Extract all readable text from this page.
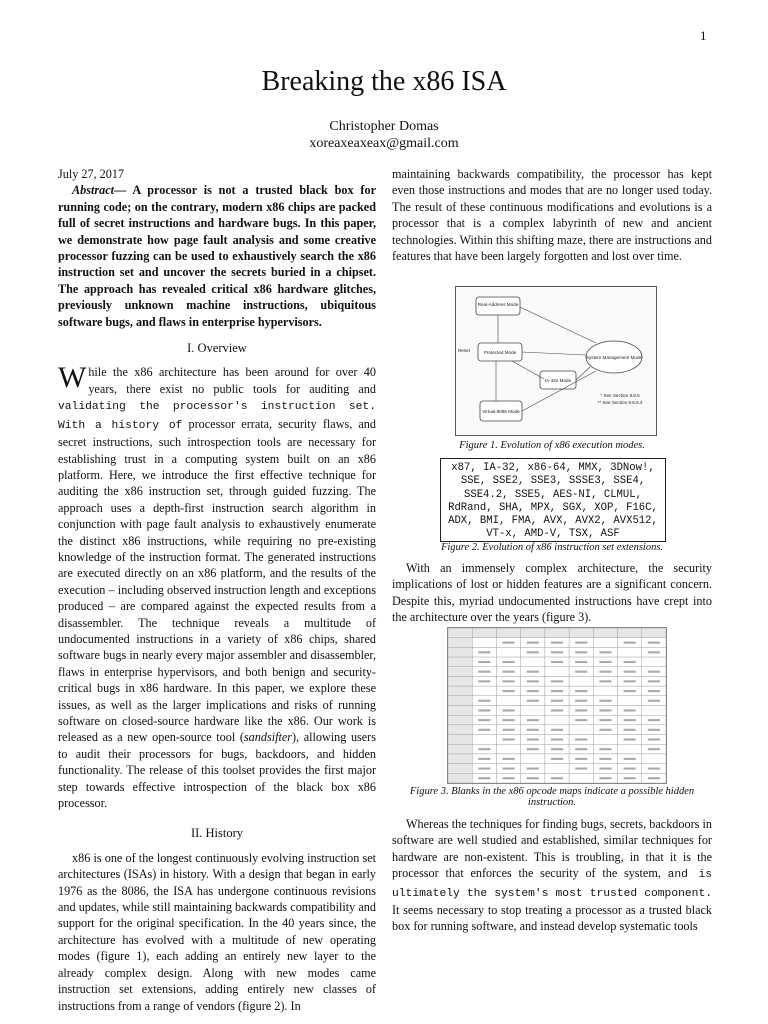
1
Breaking the x86 ISA
Christopher Domas
xoreaxeaxeax@gmail.com

July 27, 2017

Abstract— A processor is not a trusted black box for running code; on the contrary, modern x86 chips are packed full of secret instructions and hardware bugs. In this paper, we demonstrate how page fault analysis and some creative processor fuzzing can be used to exhaustively search the x86 instruction set and uncover the secrets buried in a chipset. The approach has revealed critical x86 hardware glitches, previously unknown machine instructions, ubiquitous software bugs, and flaws in enterprise hypervisors.

I. Overview

While the x86 architecture has been around for over 40 years, there exist no public tools for auditing and validating the processor's instruction set. With a history of processor errata, security flaws, and secret instructions, such introspection tools are necessary for establishing trust in a computing system built on an x86 platform. Here, we introduce the first effective technique for auditing the x86 instruction set, through guided fuzzing. The approach uses a depth-first instruction search algorithm in conjunction with page fault analysis to exhaustively enumerate the distinct x86 instructions, while requiring no pre-existing knowledge of the instruction format. The generated instructions are executed directly on an x86 platform, and the results of the execution – including observed instruction length and exceptions produced – are compared against the expected results from a disassembler. The technique reveals a multitude of undocumented instructions in a variety of x86 chips, shared software bugs in nearly every major assembler and disassembler, flaws in enterprise hypervisors, and both benign and security-critical bugs in x86 hardware. In this paper, we explore these issues, as well as the larger implications and risks of running software on closed-source hardware like the x86. Our work is released as a new open-source tool (sandsifter), allowing users to audit their processors for bugs, backdoors, and hidden functionality. The release of this toolset provides the first major step towards effective introspection of the black box x86 processor.

II. History

x86 is one of the longest continuously evolving instruction set architectures (ISAs) in history. With a design that began in early 1976 as the 8086, the ISA has undergone continuous revisions and updates, while still maintaining backwards compatibility and support for the original specification. In the 40 years since, the architecture has evolved with a multitude of new operating modes (figure 1), each adding an entirely new layer to the already complex design. Along with new modes came instruction set extensions, adding entirely new classes of instructions from a range of vendors (figure 2). In

maintaining backwards compatibility, the processor has kept even those instructions and modes that are no longer used today. The result of these continuous modifications and evolutions is a processor that is a complex labyrinth of new and ancient technologies. Within this shifting maze, there are instructions and features that have been largely forgotten and lost over time.

Real-Address Mode
Protected Mode
IA-32e Mode
System Management Mode
Virtual-8086 Mode
Reset
* See Section 9.8.5
** See Section 9.8.5.4
Figure 1. Evolution of x86 execution modes.
x87, IA-32, x86-64, MMX, 3DNow!,
SSE, SSE2, SSE3, SSSE3, SSE4,
SSE4.2, SSE5, AES-NI, CLMUL,
RdRand, SHA, MPX, SGX, XOP, F16C,
ADX, BMI, FMA, AVX, AVX2, AVX512,
VT-x, AMD-V, TSX, ASF
Figure 2. Evolution of x86 instruction set extensions.

With an immensely complex architecture, the security implications of lost or hidden features are a significant concern. Despite this, myriad undocumented instructions have crept into the architecture over the years (figure 3).

Figure 3. Blanks in the x86 opcode maps indicate a possible hidden instruction.

Whereas the techniques for finding bugs, secrets, backdoors in software are well studied and established, similar techniques for hardware are non-existent. This is troubling, in that it is the processor that enforces the security of the system, and is ultimately the system's most trusted component. It seems necessary to stop treating a processor as a trusted black box for running software, and instead develop systematic tools
